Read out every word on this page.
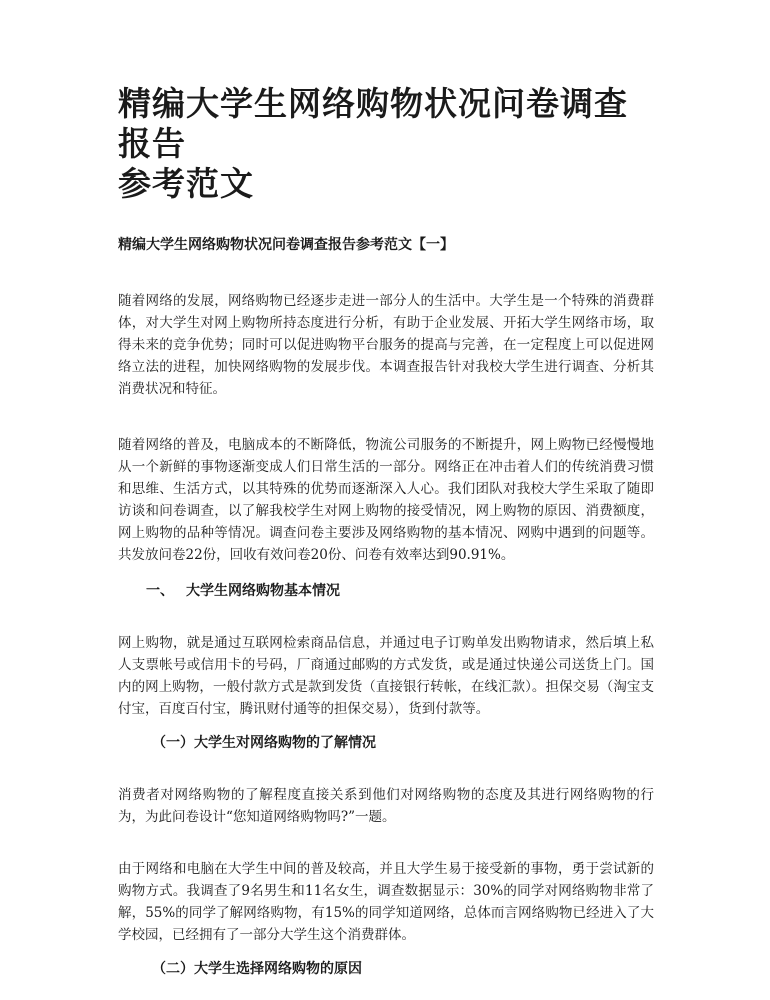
精编大学生网络购物状况问卷调查报告
参考范文

精编大学生网络购物状况问卷调查报告参考范文【一】

随着网络的发展，网络购物已经逐步走进一部分人的生活中。大学生是一个特殊的消费群体，对大学生对网上购物所持态度进行分析，有助于企业发展、开拓大学生网络市场，取得未来的竞争优势；同时可以促进购物平台服务的提高与完善，在一定程度上可以促进网络立法的进程，加快网络购物的发展步伐。本调查报告针对我校大学生进行调查、分析其消费状况和特征。

随着网络的普及，电脑成本的不断降低，物流公司服务的不断提升，网上购物已经慢慢地从一个新鲜的事物逐渐变成人们日常生活的一部分。网络正在冲击着人们的传统消费习惯和思维、生活方式，以其特殊的优势而逐渐深入人心。我们团队对我校大学生采取了随即访谈和问卷调查，以了解我校学生对网上购物的接受情况，网上购物的原因、消费额度，网上购物的品种等情况。调查问卷主要涉及网络购物的基本情况、网购中遇到的问题等。共发放问卷22份，回收有效问卷20份、问卷有效率达到90.91%。

一、 大学生网络购物基本情况

网上购物，就是通过互联网检索商品信息，并通过电子订购单发出购物请求，然后填上私人支票帐号或信用卡的号码，厂商通过邮购的方式发货，或是通过快递公司送货上门。国内的网上购物，一般付款方式是款到发货（直接银行转帐，在线汇款）。担保交易（淘宝支付宝，百度百付宝，腾讯财付通等的担保交易），货到付款等。

（一）大学生对网络购物的了解情况

消费者对网络购物的了解程度直接关系到他们对网络购物的态度及其进行网络购物的行为，为此问卷设计“您知道网络购物吗?”一题。

由于网络和电脑在大学生中间的普及较高，并且大学生易于接受新的事物，勇于尝试新的购物方式。我调查了9名男生和11名女生，调查数据显示：30%的同学对网络购物非常了解，55%的同学了解网络购物，有15%的同学知道网络，总体而言网络购物已经进入了大学校园，已经拥有了一部分大学生这个消费群体。

（二）大学生选择网络购物的原因
